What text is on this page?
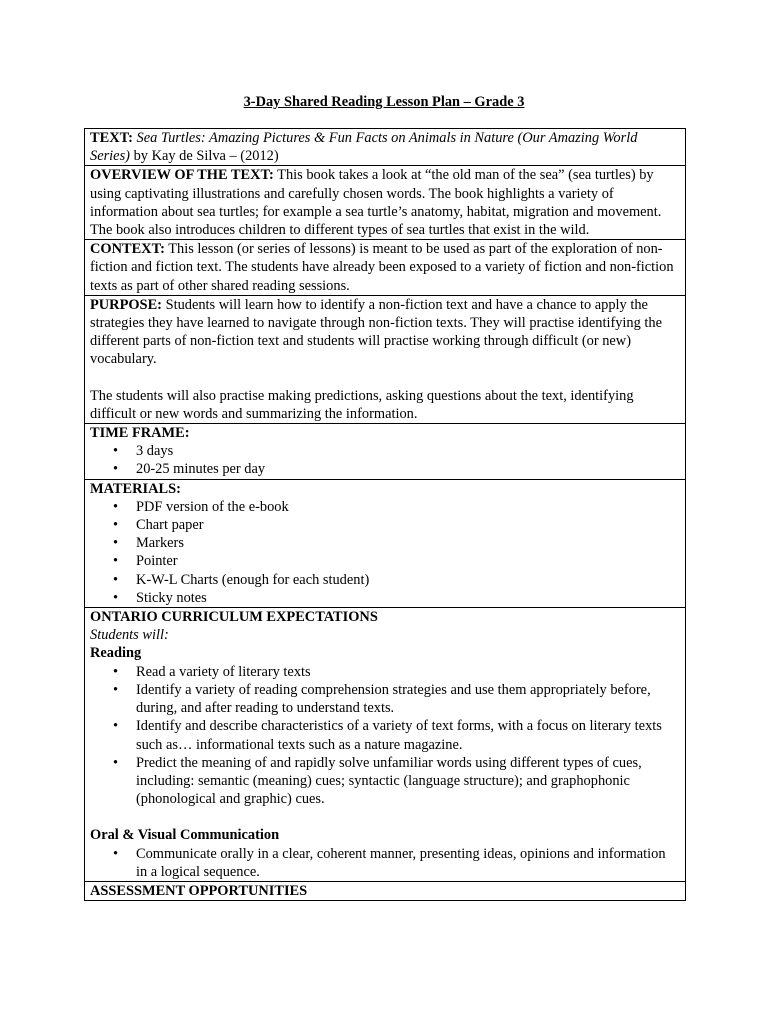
3-Day Shared Reading Lesson Plan – Grade 3
TEXT: Sea Turtles: Amazing Pictures & Fun Facts on Animals in Nature (Our Amazing World Series) by Kay de Silva – (2012)
OVERVIEW OF THE TEXT: This book takes a look at “the old man of the sea” (sea turtles) by using captivating illustrations and carefully chosen words. The book highlights a variety of information about sea turtles; for example a sea turtle’s anatomy, habitat, migration and movement. The book also introduces children to different types of sea turtles that exist in the wild.
CONTEXT: This lesson (or series of lessons) is meant to be used as part of the exploration of non-fiction and fiction text. The students have already been exposed to a variety of fiction and non-fiction texts as part of other shared reading sessions.

PURPOSE: Students will learn how to identify a non-fiction text and have a chance to apply the strategies they have learned to navigate through non-fiction texts. They will practise identifying the different parts of non-fiction text and students will practise working through difficult (or new) vocabulary.
The students will also practise making predictions, asking questions about the text, identifying difficult or new words and summarizing the information.

TIME FRAME:
• 3 days
• 20-25 minutes per day

MATERIALS:
• PDF version of the e-book
• Chart paper
• Markers
• Pointer
• K-W-L Charts (enough for each student)
• Sticky notes

ONTARIO CURRICULUM EXPECTATIONS
Students will:
Reading
• Read a variety of literary texts
• Identify a variety of reading comprehension strategies and use them appropriately before, during, and after reading to understand texts.
• Identify and describe characteristics of a variety of text forms, with a focus on literary texts such as… informational texts such as a nature magazine.
• Predict the meaning of and rapidly solve unfamiliar words using different types of cues, including: semantic (meaning) cues; syntactic (language structure); and graphophonic (phonological and graphic) cues.
Oral & Visual Communication
• Communicate orally in a clear, coherent manner, presenting ideas, opinions and information in a logical sequence.

ASSESSMENT OPPORTUNITIES
